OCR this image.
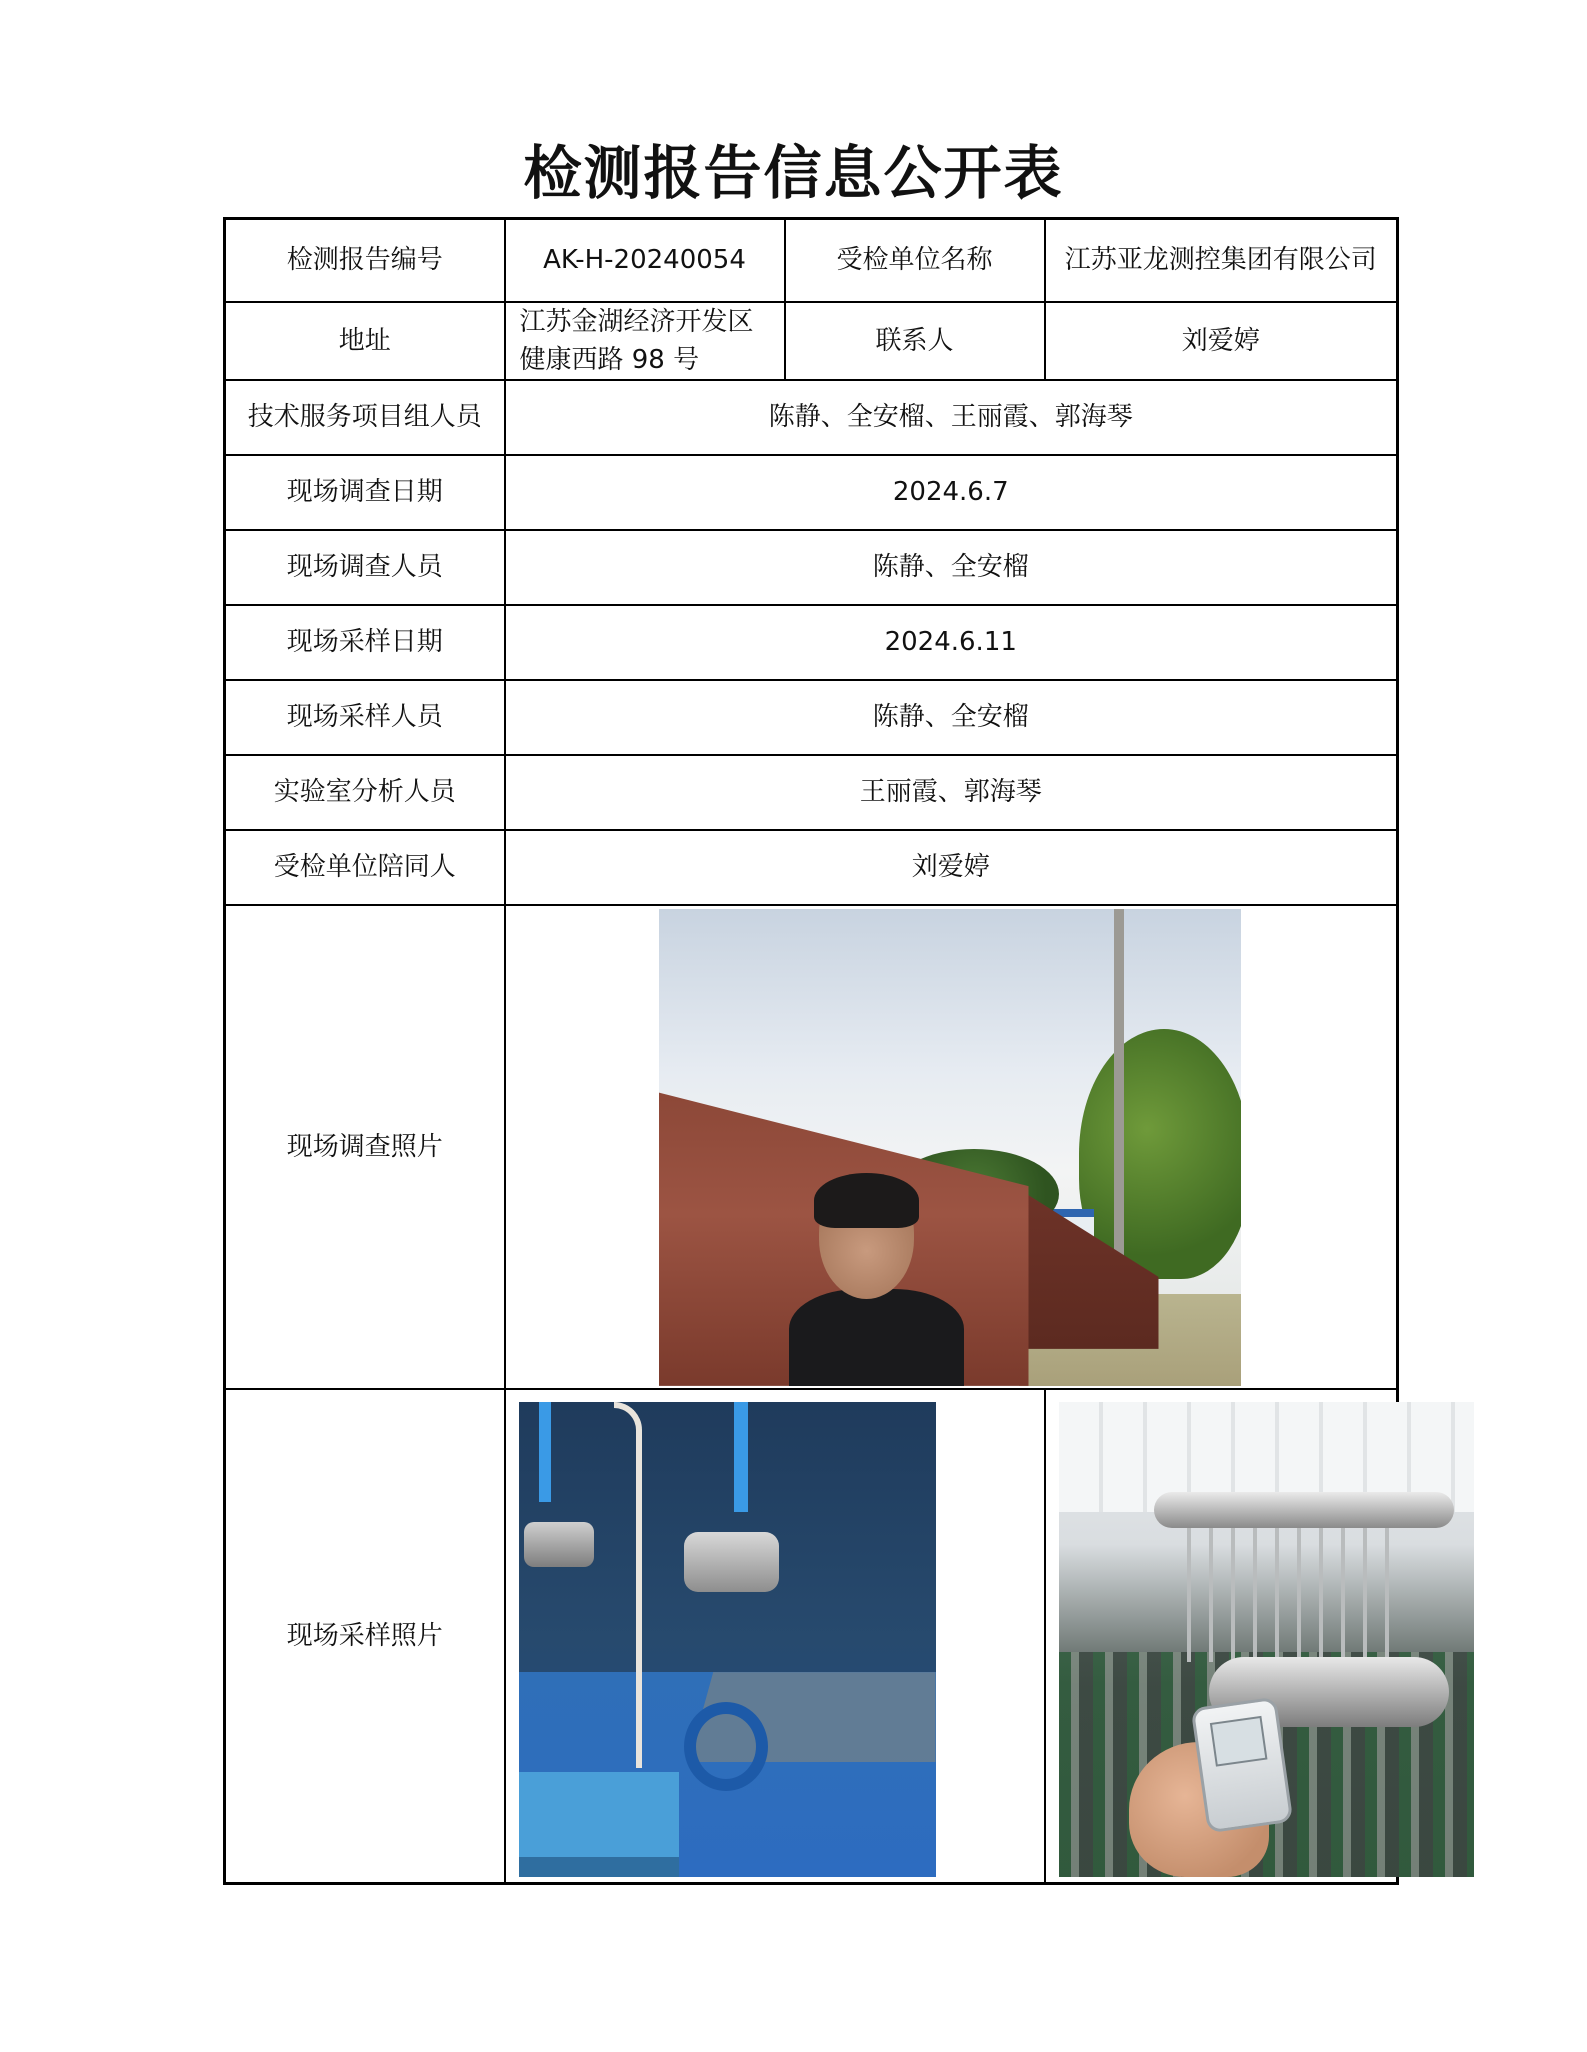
检测报告信息公开表
检测报告编号	AK-H-20240054	受检单位名称	江苏亚龙测控集团有限公司
地址	江苏金湖经济开发区健康西路 98 号	联系人	刘爱婷
技术服务项目组人员	陈静、全安榴、王丽霞、郭海琴		
现场调查日期	2024.6.7		
现场调查人员	陈静、全安榴		
现场采样日期	2024.6.11		
现场采样人员	陈静、全安榴		
实验室分析人员	王丽霞、郭海琴		
受检单位陪同人	刘爱婷		
现场调查照片			

现场采样照片		
